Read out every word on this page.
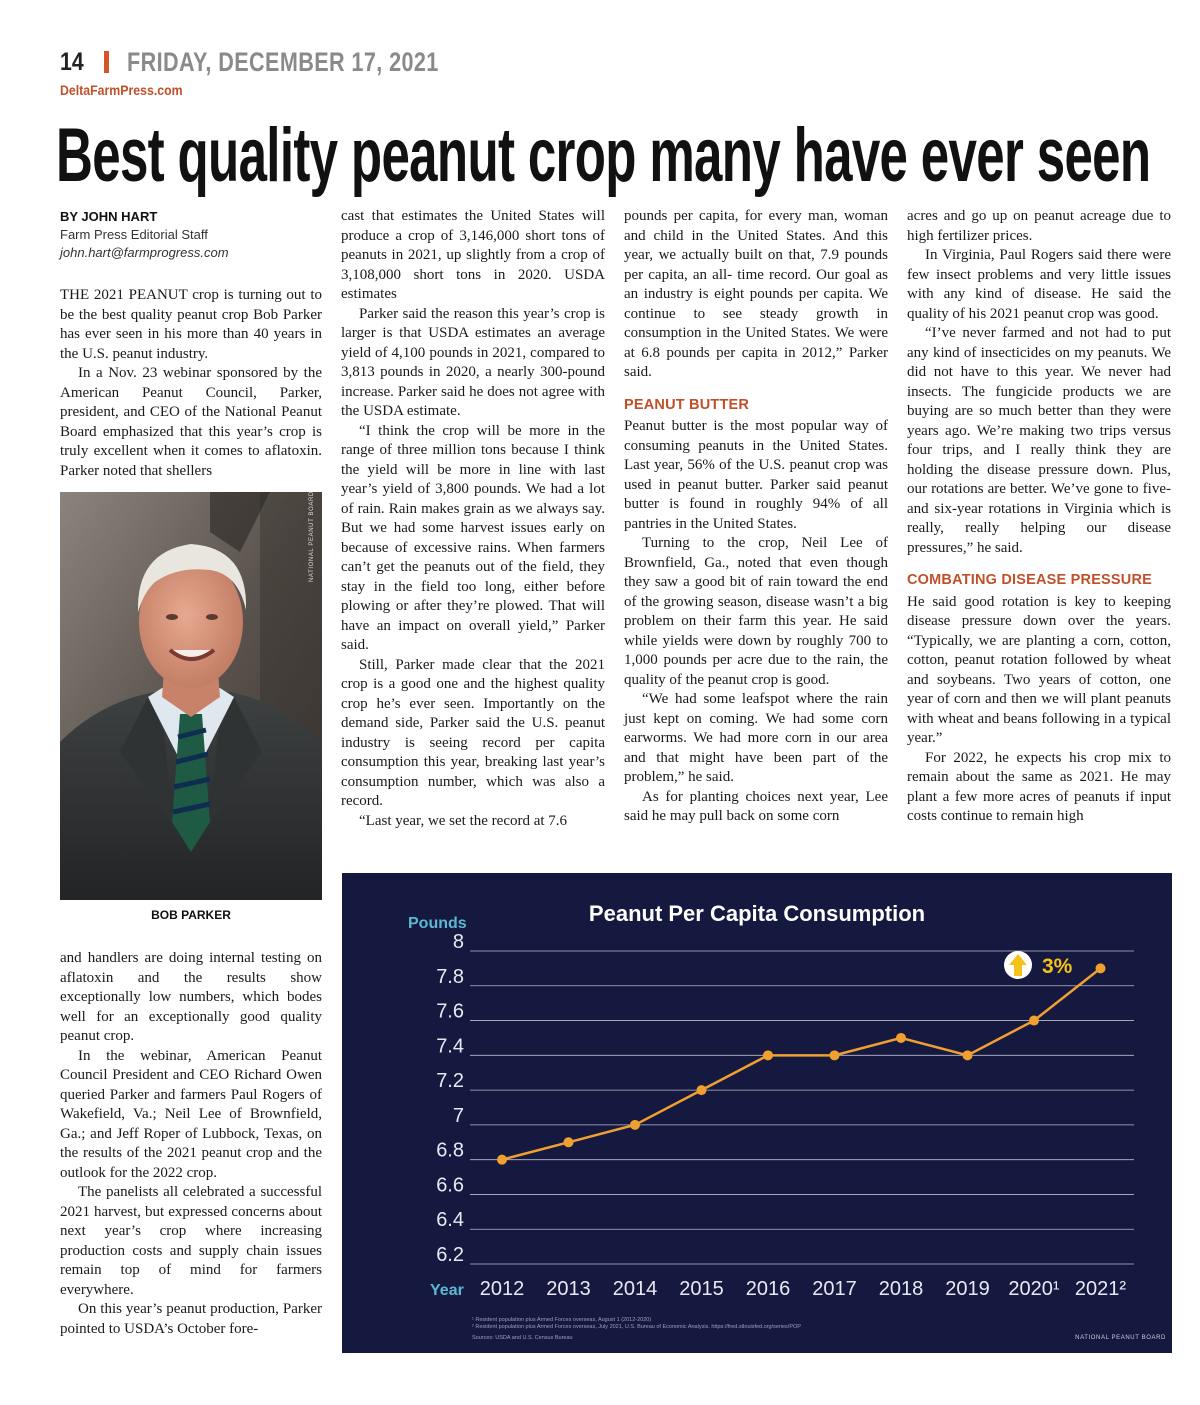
14 FRIDAY, DECEMBER 17, 2021
DeltaFarmPress.com
Best quality peanut crop many have ever seen
BY JOHN HART
Farm Press Editorial Staff
john.hart@farmprogress.com

THE 2021 PEANUT crop is turning out to be the best quality peanut crop Bob Parker has ever seen in his more than 40 years in the U.S. peanut industry.

In a Nov. 23 webinar sponsored by the American Peanut Council, Parker, president, and CEO of the National Peanut Board emphasized that this year’s crop is truly excellent when it comes to aflatoxin. Parker noted that shellers

NATIONAL PEANUT BOARD
BOB PARKER

and handlers are doing internal testing on aflatoxin and the results show exceptionally low numbers, which bodes well for an exceptionally good quality peanut crop.

In the webinar, American Peanut Council President and CEO Richard Owen queried Parker and farmers Paul Rogers of Wakefield, Va.; Neil Lee of Brownfield, Ga.; and Jeff Roper of Lubbock, Texas, on the results of the 2021 peanut crop and the outlook for the 2022 crop.

The panelists all celebrated a successful 2021 harvest, but expressed concerns about next year’s crop where increasing production costs and supply chain issues remain top of mind for farmers everywhere.

On this year’s peanut production, Parker pointed to USDA’s October fore-

cast that estimates the United States will produce a crop of 3,146,000 short tons of peanuts in 2021, up slightly from a crop of 3,108,000 short tons in 2020. USDA estimates

Parker said the reason this year’s crop is larger is that USDA estimates an average yield of 4,100 pounds in 2021, compared to 3,813 pounds in 2020, a nearly 300-pound increase. Parker said he does not agree with the USDA estimate.

“I think the crop will be more in the range of three million tons because I think the yield will be more in line with last year’s yield of 3,800 pounds. We had a lot of rain. Rain makes grain as we always say. But we had some harvest issues early on because of excessive rains. When farmers can’t get the peanuts out of the field, they stay in the field too long, either before plowing or after they’re plowed. That will have an impact on overall yield,” Parker said.

Still, Parker made clear that the 2021 crop is a good one and the highest quality crop he’s ever seen. Importantly on the demand side, Parker said the U.S. peanut industry is seeing record per capita consumption this year, breaking last year’s consumption number, which was also a record.

“Last year, we set the record at 7.6

pounds per capita, for every man, woman and child in the United States. And this year, we actually built on that, 7.9 pounds per capita, an all- time record. Our goal as an industry is eight pounds per capita. We continue to see steady growth in consumption in the United States. We were at 6.8 pounds per capita in 2012,” Parker said.

PEANUT BUTTER

Peanut butter is the most popular way of consuming peanuts in the United States. Last year, 56% of the U.S. peanut crop was used in peanut butter. Parker said peanut butter is found in roughly 94% of all pantries in the United States.

Turning to the crop, Neil Lee of Brownfield, Ga., noted that even though they saw a good bit of rain toward the end of the growing season, disease wasn’t a big problem on their farm this year. He said while yields were down by roughly 700 to 1,000 pounds per acre due to the rain, the quality of the peanut crop is good.

“We had some leafspot where the rain just kept on coming. We had some corn earworms. We had more corn in our area and that might have been part of the problem,” he said.

As for planting choices next year, Lee said he may pull back on some corn

acres and go up on peanut acreage due to high fertilizer prices.

In Virginia, Paul Rogers said there were few insect problems and very little issues with any kind of disease. He said the quality of his 2021 peanut crop was good.

“I’ve never farmed and not had to put any kind of insecticides on my peanuts. We did not have to this year. We never had insects. The fungicide products we are buying are so much better than they were years ago. We’re making two trips versus four trips, and I really think they are holding the disease pressure down. Plus, our rotations are better. We’ve gone to five- and six-year rotations in Virginia which is really, really helping our disease pressures,” he said.

COMBATING DISEASE PRESSURE

He said good rotation is key to keeping disease pressure down over the years. “Typically, we are planting a corn, cotton, cotton, peanut rotation followed by wheat and soybeans. Two years of cotton, one year of corn and then we will plant peanuts with wheat and beans following in a typical year.”

For 2022, he expects his crop mix to remain about the same as 2021. He may plant a few more acres of peanuts if input costs continue to remain high

Peanut Per Capita Consumption
Pounds
Year
8
7.8
7.6
7.4
7.2
7
6.8
6.6
6.4
6.2
2012 2013 2014 2015 2016 2017 2018 2019 2020¹ 2021²
3%
¹ Resident population plus Armed Forces overseas, August 1 (2012-2020)
² Resident population plus Armed Forces overseas, July 2021, U.S. Bureau of Economic Analysis. https://fred.stlouisfed.org/series/POP
Sources: USDA and U.S. Census Bureau	NATIONAL PEANUT BOARD
